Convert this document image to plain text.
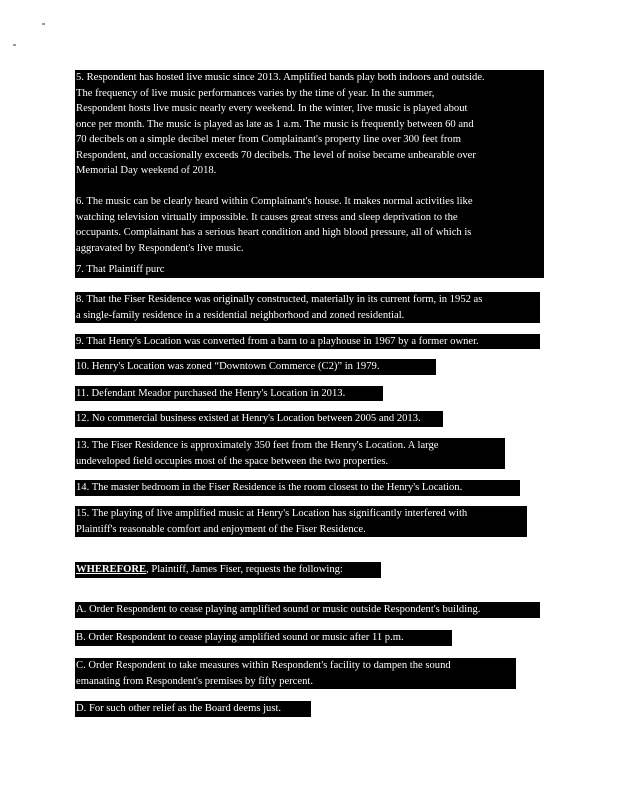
5. Respondent has hosted live music since 2013. Amplified bands play both indoors and outside.
The frequency of live music performances varies by the time of year. In the summer,
Respondent hosts live music nearly every weekend. In the winter, live music is played about
once per month. The music is played as late as 1 a.m. The music is frequently between 60 and
70 decibels on a simple decibel meter from Complainant's property line over 300 feet from
Respondent, and occasionally exceeds 70 decibels. The level of noise became unbearable over
Memorial Day weekend of 2018.

6. The music can be clearly heard within Complainant's house. It makes normal activities like
watching television virtually impossible. It causes great stress and sleep deprivation to the
occupants. Complainant has a serious heart condition and high blood pressure, all of which is
aggravated by Respondent's live music.

7. That Plaintiff purc

8. That the Fiser Residence was originally constructed, materially in its current form, in 1952 as
a single-family residence in a residential neighborhood and zoned residential.

9. That Henry's Location was converted from a barn to a playhouse in 1967 by a former owner.

10. Henry's Location was zoned “Downtown Commerce (C2)” in 1979.

11. Defendant Meador purchased the Henry's Location in 2013.

12. No commercial business existed at Henry's Location between 2005 and 2013.

13. The Fiser Residence is approximately 350 feet from the Henry's Location. A large
undeveloped field occupies most of the space between the two properties.

14. The master bedroom in the Fiser Residence is the room closest to the Henry's Location.

15. The playing of live amplified music at Henry's Location has significantly interfered with
Plaintiff's reasonable comfort and enjoyment of the Fiser Residence.

WHEREFORE, Plaintiff, James Fiser, requests the following:

A. Order Respondent to cease playing amplified sound or music outside Respondent's building.

B. Order Respondent to cease playing amplified sound or music after 11 p.m.

C. Order Respondent to take measures within Respondent's facility to dampen the sound
emanating from Respondent's premises by fifty percent.

D. For such other relief as the Board deems just.
